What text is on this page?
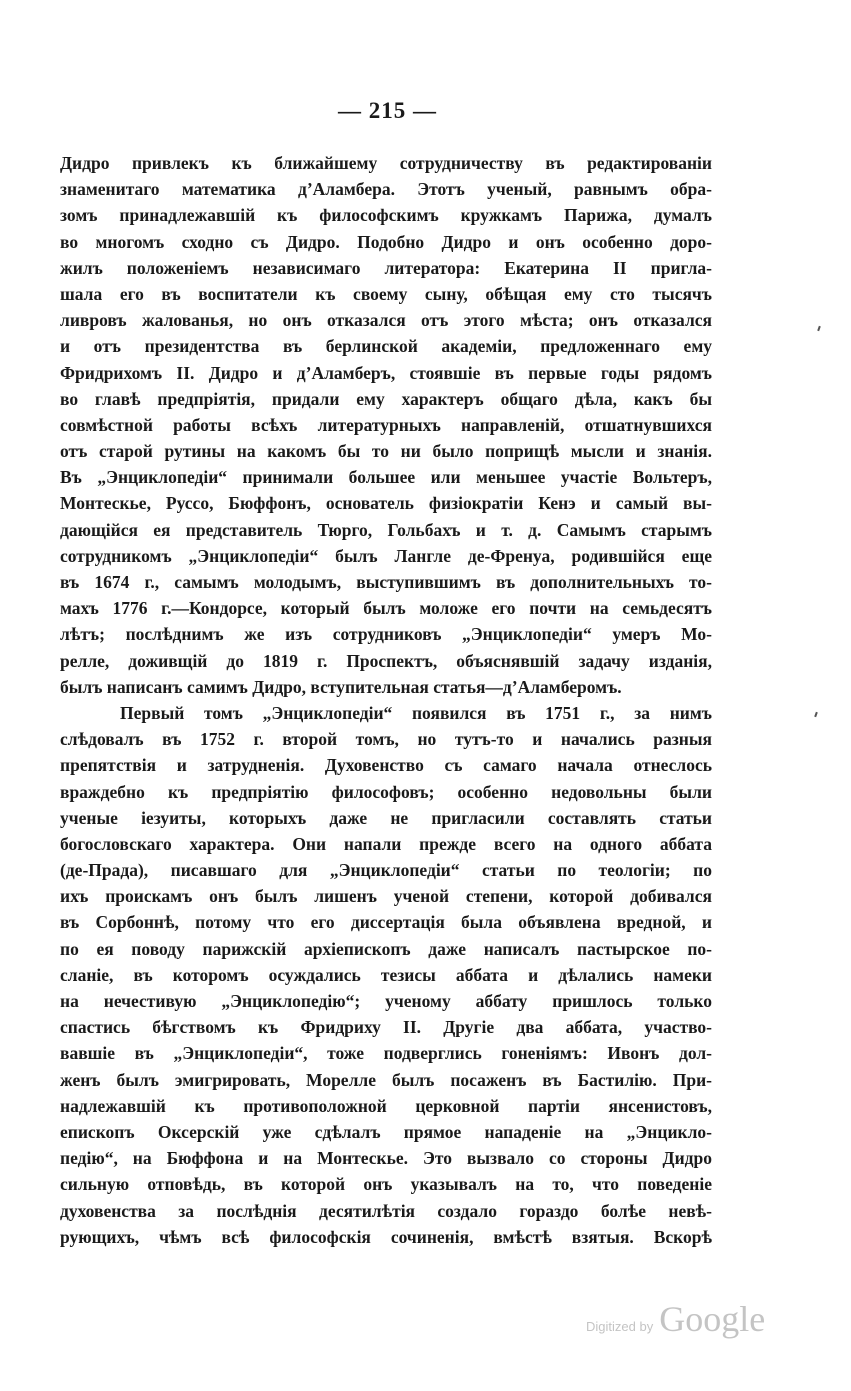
— 215 —
Дидро привлекъ къ ближайшему сотрудничеству въ редактированіи
знаменитаго математика д’Аламбера. Этотъ ученый, равнымъ обра-
зомъ принадлежавшій къ философскимъ кружкамъ Парижа, думалъ
во многомъ сходно съ Дидро. Подобно Дидро и онъ особенно доро-
жилъ положеніемъ независимаго литератора: Екатерина II пригла-
шала его въ воспитатели къ своему сыну, обѣщая ему сто тысячъ
ливровъ жалованья, но онъ отказался отъ этого мѣста; онъ отказался
и отъ президентства въ берлинской академіи, предложеннаго ему
Фридрихомъ II. Дидро и д’Аламберъ, стоявшіе въ первые годы рядомъ
во главѣ предпріятія, придали ему характеръ общаго дѣла, какъ бы
совмѣстной работы всѣхъ литературныхъ направленій, отшатнувшихся
отъ старой рутины на какомъ бы то ни было поприщѣ мысли и знанія.
Въ „Энциклопедіи“ принимали большее или меньшее участіе Вольтеръ,
Монтескье, Руссо, Бюффонъ, основатель физіократіи Кенэ и самый вы-
дающійся ея представитель Тюрго, Гольбахъ и т. д. Самымъ старымъ
сотрудникомъ „Энциклопедіи“ былъ Лангле де-Френуа, родившійся еще
въ 1674 г., самымъ молодымъ, выступившимъ въ дополнительныхъ то-
махъ 1776 г.—Кондорсе, который былъ моложе его почти на семьдесятъ
лѣтъ; послѣднимъ же изъ сотрудниковъ „Энциклопедіи“ умеръ Мо-
релле, доживщій до 1819 г. Проспектъ, объяснявшій задачу изданія,
былъ написанъ самимъ Дидро, вступительная статья—д’Аламберомъ.
Первый томъ „Энциклопедіи“ появился въ 1751 г., за нимъ
слѣдовалъ въ 1752 г. второй томъ, но тутъ-то и начались разныя
препятствія и затрудненія. Духовенство съ самаго начала отнеслось
враждебно къ предпріятію философовъ; особенно недовольны были
ученые іезуиты, которыхъ даже не пригласили составлять статьи
богословскаго характера. Они напали прежде всего на одного аббата
(де-Прада), писавшаго для „Энциклопедіи“ статьи по теологіи; по
ихъ проискамъ онъ былъ лишенъ ученой степени, которой добивался
въ Сорбоннѣ, потому что его диссертація была объявлена вредной, и
по ея поводу парижскій архіепископъ даже написалъ пастырское по-
сланіе, въ которомъ осуждались тезисы аббата и дѣлались намеки
на нечестивую „Энциклопедію“; ученому аббату пришлось только
спастись бѣгствомъ къ Фридриху II. Другіе два аббата, участво-
вавшіе въ „Энциклопедіи“, тоже подверглись гоненіямъ: Ивонъ дол-
женъ былъ эмигрировать, Морелле былъ посаженъ въ Бастилію. При-
надлежавшій къ противоположной церковной партіи янсенистовъ,
епископъ Оксерскій уже сдѣлалъ прямое нападеніе на „Энцикло-
педію“, на Бюффона и на Монтескье. Это вызвало со стороны Дидро
сильную отповѣдь, въ которой онъ указывалъ на то, что поведеніе
духовенства за послѣднія десятилѣтія создало гораздо болѣе невѣ-
рующихъ, чѣмъ всѣ философскія сочиненія, вмѣстѣ взятыя. Вскорѣ
Digitized by Google
